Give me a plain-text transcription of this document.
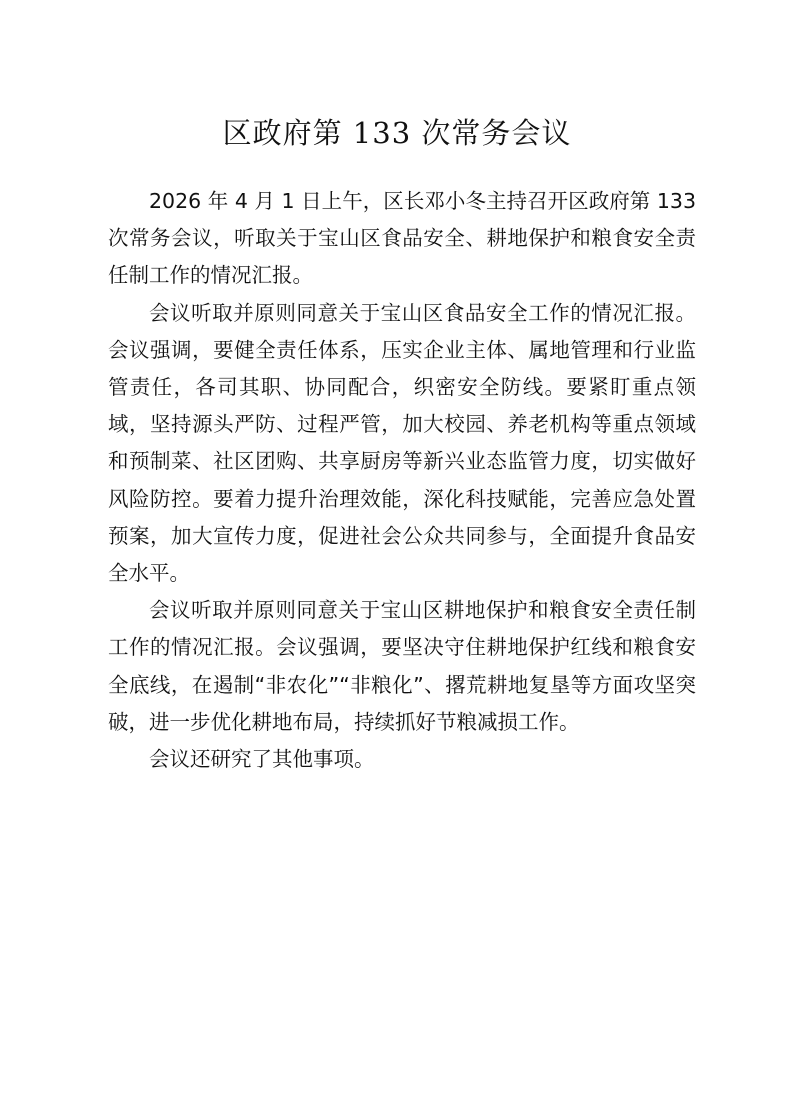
区政府第 133 次常务会议

2026 年 4 月 1 日上午，区长邓小冬主持召开区政府第 133 次常务会议，听取关于宝山区食品安全、耕地保护和粮食安全责任制工作的情况汇报。

会议听取并原则同意关于宝山区食品安全工作的情况汇报。会议强调，要健全责任体系，压实企业主体、属地管理和行业监管责任，各司其职、协同配合，织密安全防线。要紧盯重点领域，坚持源头严防、过程严管，加大校园、养老机构等重点领域和预制菜、社区团购、共享厨房等新兴业态监管力度，切实做好风险防控。要着力提升治理效能，深化科技赋能，完善应急处置预案，加大宣传力度，促进社会公众共同参与，全面提升食品安全水平。

会议听取并原则同意关于宝山区耕地保护和粮食安全责任制工作的情况汇报。会议强调，要坚决守住耕地保护红线和粮食安全底线，在遏制“非农化”“非粮化”、撂荒耕地复垦等方面攻坚突破，进一步优化耕地布局，持续抓好节粮减损工作。

会议还研究了其他事项。
